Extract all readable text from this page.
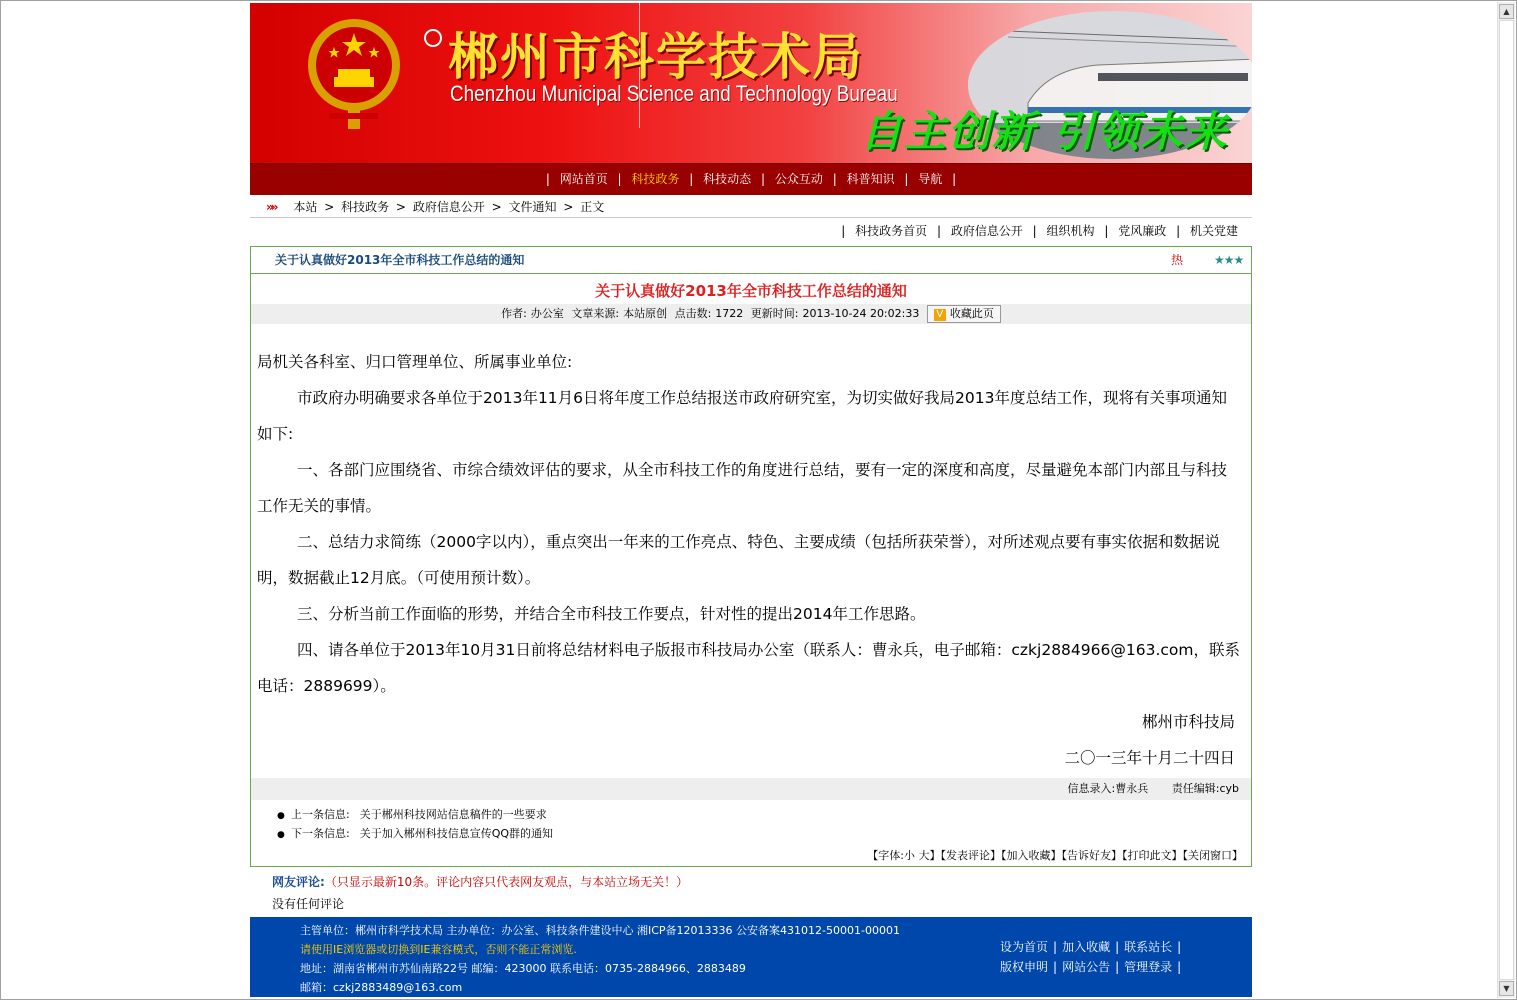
郴州市科学技术局
Chenzhou Municipal Science and Technology Bureau
自主创新 引领未来
| 网站首页 | 科技政务 | 科技动态 | 公众互动 | 科普知识 | 导航 |
»» 本站 > 科技政务 > 政府信息公开 > 文件通知 > 正文
| 科技政务首页 | 政府信息公开 | 组织机构 | 党风廉政 | 机关党建
关于认真做好2013年全市科技工作总结的通知	热	★★★
关于认真做好2013年全市科技工作总结的通知
作者: 办公室 文章来源: 本站原创 点击数: 1722 更新时间: 2013-10-24 20:02:33 V 收藏此页

局机关各科室、归口管理单位、所属事业单位:

市政府办明确要求各单位于2013年11月6日将年度工作总结报送市政府研究室，为切实做好我局2013年度总结工作，现将有关事项通知如下:

一、各部门应围绕省、市综合绩效评估的要求，从全市科技工作的角度进行总结，要有一定的深度和高度，尽量避免本部门内部且与科技工作无关的事情。

二、总结力求简练（2000字以内），重点突出一年来的工作亮点、特色、主要成绩（包括所获荣誉），对所述观点要有事实依据和数据说明，数据截止12月底。（可使用预计数）。

三、分析当前工作面临的形势，并结合全市科技工作要点，针对性的提出2014年工作思路。

四、请各单位于2013年10月31日前将总结材料电子版报市科技局办公室（联系人：曹永兵，电子邮箱：czkj2884966@163.com，联系电话：2889699）。

郴州市科技局

二〇一三年十月二十四日

信息录入:曹永兵 责任编辑:cyb
● 上一条信息: 关于郴州科技网站信息稿件的一些要求
● 下一条信息: 关于加入郴州科技信息宣传QQ群的通知
【字体:小 大】【发表评论】【加入收藏】【告诉好友】【打印此文】【关闭窗口】
网友评论:（只显示最新10条。评论内容只代表网友观点，与本站立场无关！）
没有任何评论
主管单位：郴州市科学技术局 主办单位：办公室、科技条件建设中心 湘ICP备12013336 公安备案431012-50001-00001
请使用IE浏览器或切换到IE兼容模式，否则不能正常浏览.
地址：湖南省郴州市苏仙南路22号 邮编：423000 联系电话：0735-2884966、2883489
邮箱：czkj2883489@163.com
设为首页 | 加入收藏 | 联系站长 |
版权申明 | 网站公告 | 管理登录 |
▲
▼
